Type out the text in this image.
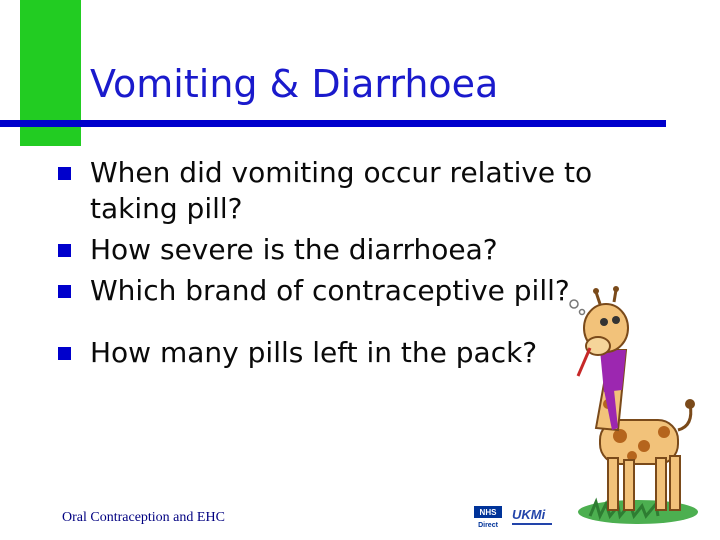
Vomiting & Diarrhoea
When did vomiting occur relative to
taking pill?
How severe is the diarrhoea?
Which brand of contraceptive pill?
How many pills left in the pack?
Oral Contraception and EHC	NHS
Direct
UKMi
